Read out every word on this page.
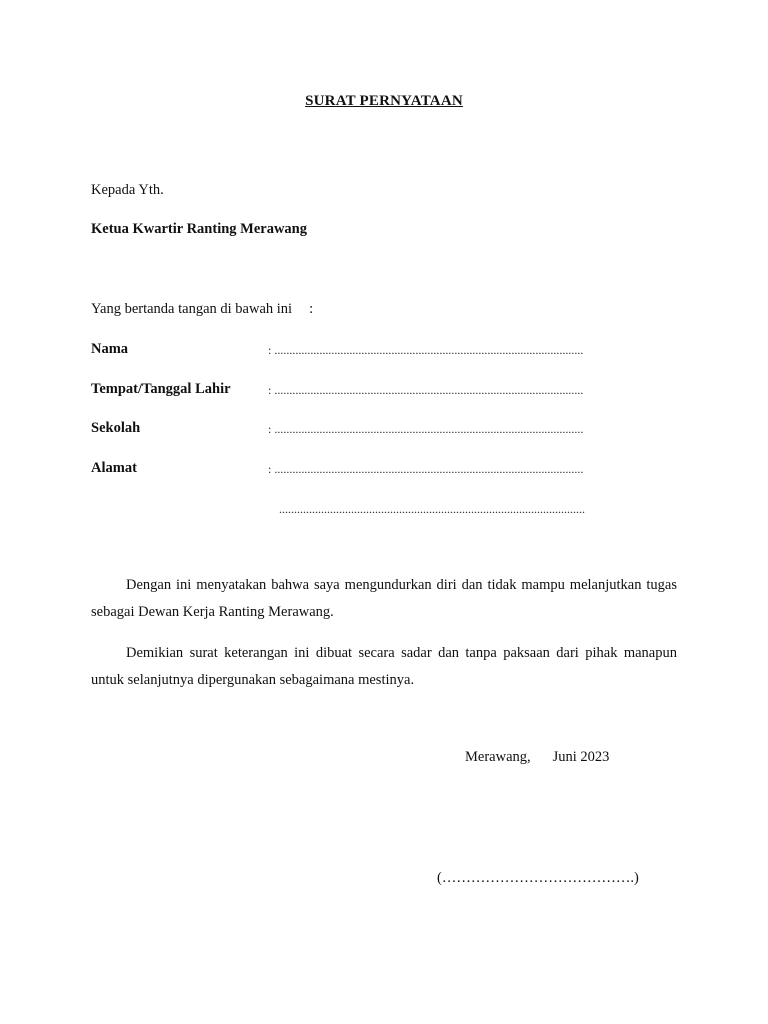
SURAT PERNYATAAN
Kepada Yth.
Ketua Kwartir Ranting Merawang
Yang bertanda tangan di bawah ini :
Nama	: .......................................................................................................
Tempat/Tanggal Lahir	: .......................................................................................................
Sekolah	: .......................................................................................................
Alamat	: .......................................................................................................
......................................................................................................
Dengan ini menyatakan bahwa saya mengundurkan diri dan tidak mampu melanjutkan tugas sebagai Dewan Kerja Ranting Merawang.
Demikian surat keterangan ini dibuat secara sadar dan tanpa paksaan dari pihak manapun untuk selanjutnya dipergunakan sebagaimana mestinya.
Merawang, Juni 2023
(………………………………….)
